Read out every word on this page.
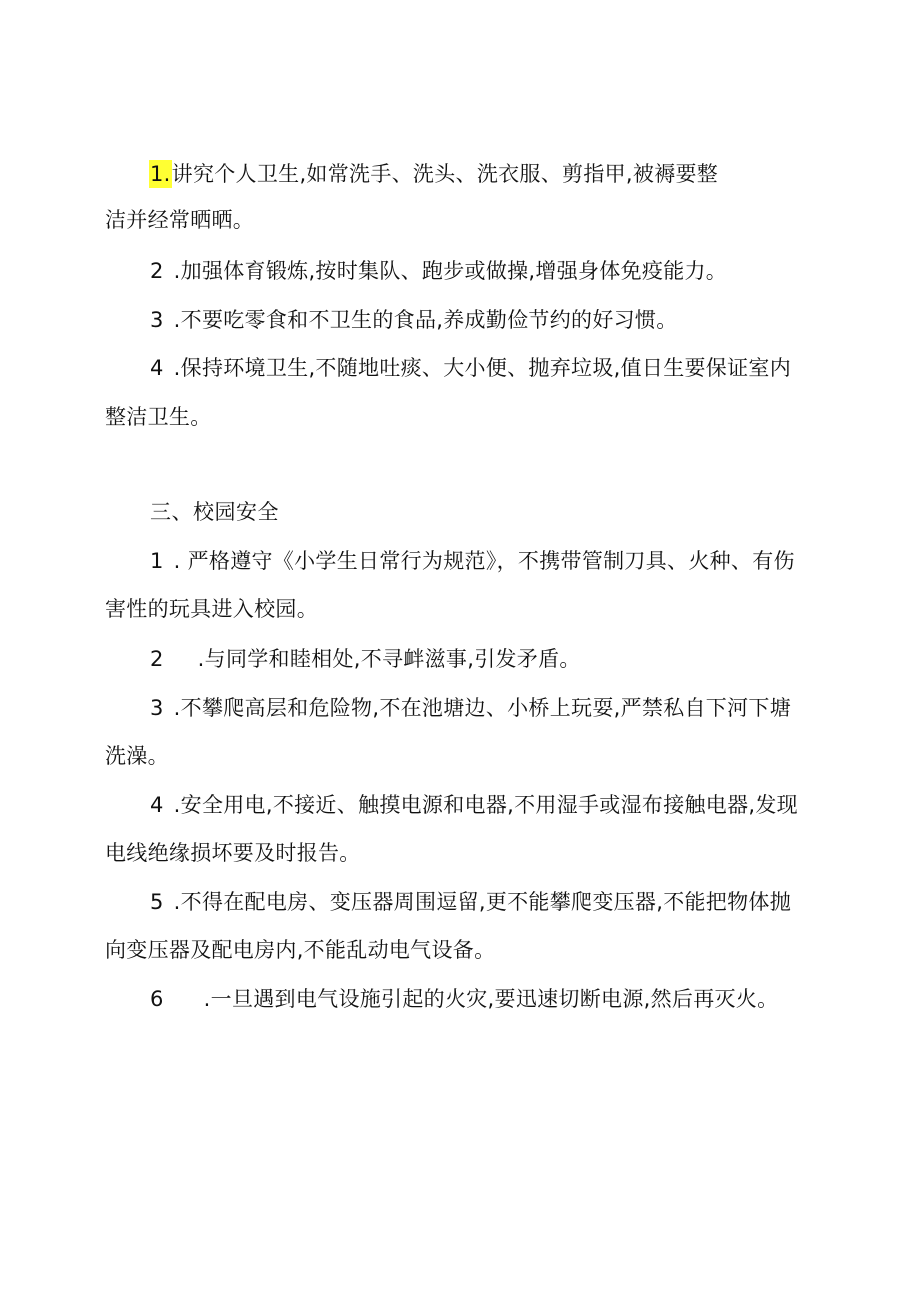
1.讲究个人卫生,如常洗手、洗头、洗衣服、剪指甲,被褥要整
洁并经常晒晒。
2 .加强体育锻炼,按时集队、跑步或做操,增强身体免疫能力。
3 .不要吃零食和不卫生的食品,养成勤俭节约的好习惯。
4 .保持环境卫生,不随地吐痰、大小便、抛弃垃圾,值日生要保证室内
整洁卫生。
三、校园安全
1 . 严格遵守《小学生日常行为规范》，不携带管制刀具、火种、有伤
害性的玩具进入校园。
2 .与同学和睦相处,不寻衅滋事,引发矛盾。
3 .不攀爬高层和危险物,不在池塘边、小桥上玩耍,严禁私自下河下塘
洗澡。
4 .安全用电,不接近、触摸电源和电器,不用湿手或湿布接触电器,发现
电线绝缘损坏要及时报告。
5 .不得在配电房、变压器周围逗留,更不能攀爬变压器,不能把物体抛
向变压器及配电房内,不能乱动电气设备。
6 .一旦遇到电气设施引起的火灾,要迅速切断电源,然后再灭火。
